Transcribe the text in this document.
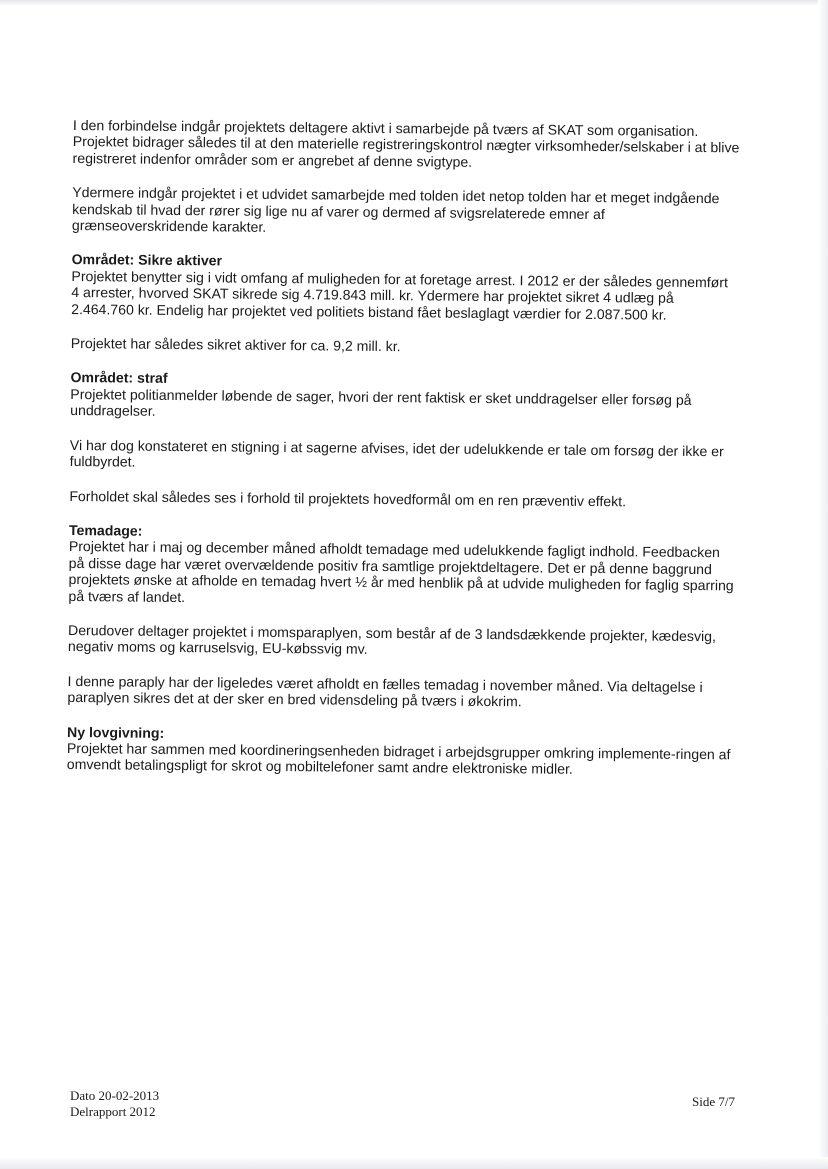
I den forbindelse indgår projektets deltagere aktivt i samarbejde på tværs af SKAT som organisation. Projektet bidrager således til at den materielle registreringskontrol nægter virksomheder/selskaber i at blive registreret indenfor områder som er angrebet af denne svigtype.

Ydermere indgår projektet i et udvidet samarbejde med tolden idet netop tolden har et meget indgående kendskab til hvad der rører sig lige nu af varer og dermed af svigsrelaterede emner af grænseoverskridende karakter.

Området: Sikre aktiver
Projektet benytter sig i vidt omfang af muligheden for at foretage arrest. I 2012 er der således gennemført 4 arrester, hvorved SKAT sikrede sig 4.719.843 mill. kr. Ydermere har projektet sikret 4 udlæg på 2.464.760 kr. Endelig har projektet ved politiets bistand fået beslaglagt værdier for 2.087.500 kr.

Projektet har således sikret aktiver for ca. 9,2 mill. kr.

Området: straf
Projektet politianmelder løbende de sager, hvori der rent faktisk er sket unddragelser eller forsøg på unddragelser.

Vi har dog konstateret en stigning i at sagerne afvises, idet der udelukkende er tale om forsøg der ikke er fuldbyrdet.

Forholdet skal således ses i forhold til projektets hovedformål om en ren præventiv effekt.

Temadage:
Projektet har i maj og december måned afholdt temadage med udelukkende fagligt indhold. Feedbacken på disse dage har været overvældende positiv fra samtlige projektdeltagere. Det er på denne baggrund projektets ønske at afholde en temadag hvert ½ år med henblik på at udvide muligheden for faglig sparring på tværs af landet.

Derudover deltager projektet i momsparaplyen, som består af de 3 landsdækkende projekter, kædesvig, negativ moms og karruselsvig, EU-købssvig mv.

I denne paraply har der ligeledes været afholdt en fælles temadag i november måned. Via deltagelse i paraplyen sikres det at der sker en bred vidensdeling på tværs i økokrim.

Ny lovgivning:
Projektet har sammen med koordineringsenheden bidraget i arbejdsgrupper omkring implemente-ringen af omvendt betalingspligt for skrot og mobiltelefoner samt andre elektroniske midler.

Dato 20-02-2013
Delrapport 2012
Side 7/7
